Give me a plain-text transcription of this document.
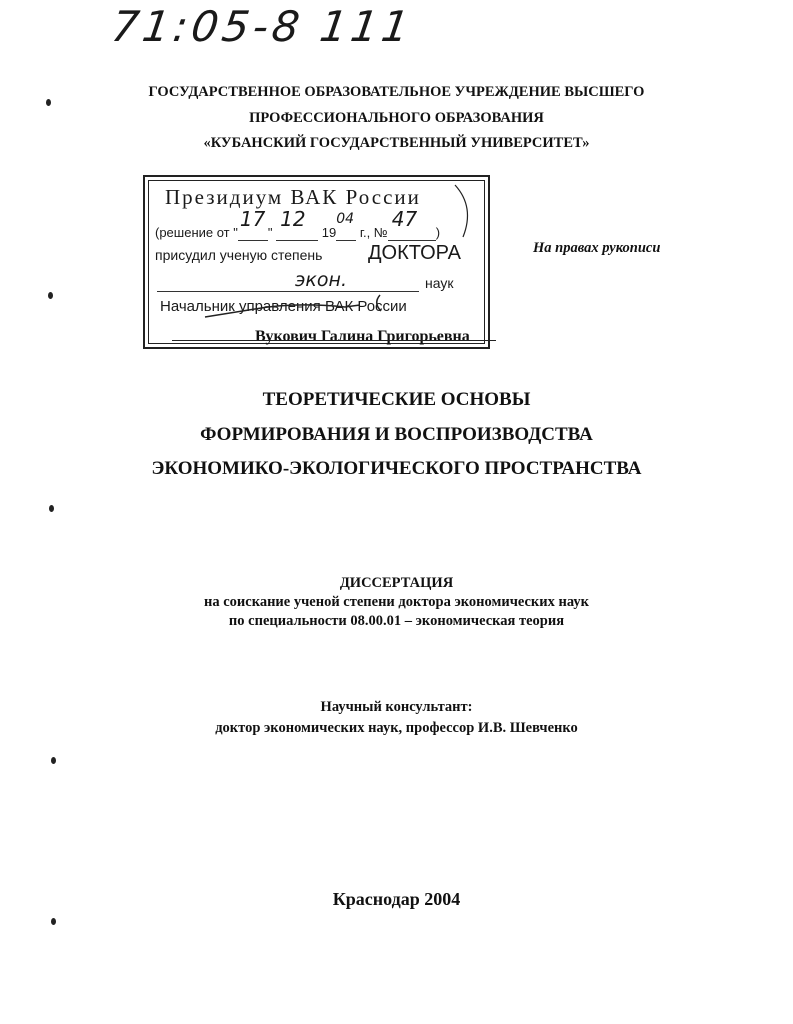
71:05-8 111
ГОСУДАРСТВЕННОЕ ОБРАЗОВАТЕЛЬНОЕ УЧРЕЖДЕНИЕ ВЫСШЕГО
ПРОФЕССИОНАЛЬНОГО ОБРАЗОВАНИЯ
«КУБАНСКИЙ ГОСУДАРСТВЕННЫЙ УНИВЕРСИТЕТ»
Президиум ВАК России
(решение от "
17
"
12
19
04
г., №
47
)
присудил ученую степень ДОКТОРА
экон.	наук
Начальник управления ВАК России
На правах рукописи
Вукович Галина Григорьевна
ТЕОРЕТИЧЕСКИЕ ОСНОВЫ
ФОРМИРОВАНИЯ И ВОСПРОИЗВОДСТВА
ЭКОНОМИКО-ЭКОЛОГИЧЕСКОГО ПРОСТРАНСТВА
ДИССЕРТАЦИЯ
на соискание ученой степени доктора экономических наук
по специальности 08.00.01 – экономическая теория
Научный консультант:
доктор экономических наук, профессор И.В. Шевченко
Краснодар 2004
